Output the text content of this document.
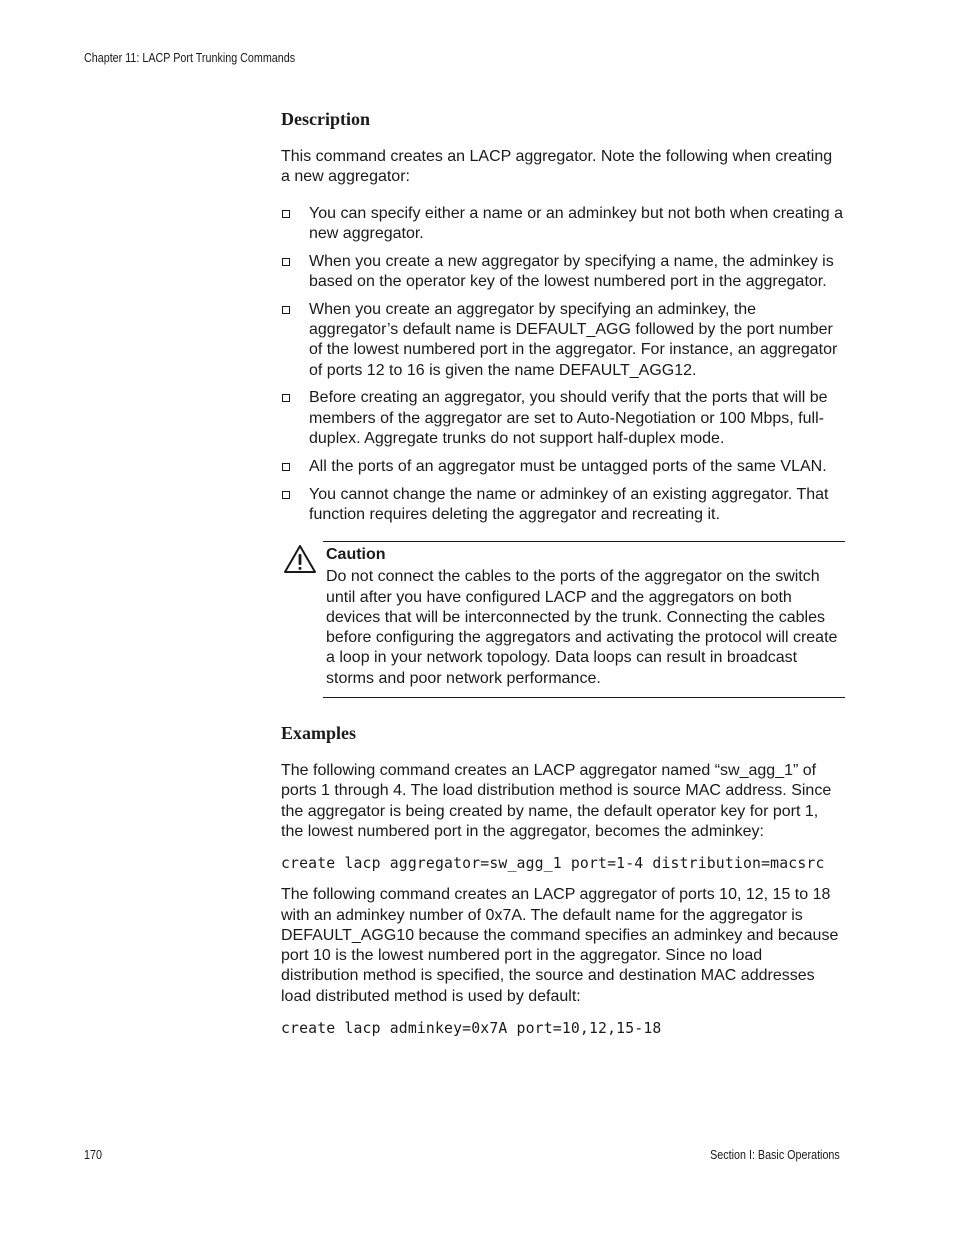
Chapter 11: LACP Port Trunking Commands
Description

This command creates an LACP aggregator. Note the following when creating a new aggregator:

You can specify either a name or an adminkey but not both when creating a new aggregator.
When you create a new aggregator by specifying a name, the adminkey is based on the operator key of the lowest numbered port in the aggregator.
When you create an aggregator by specifying an adminkey, the aggregator’s default name is DEFAULT_AGG followed by the port number of the lowest numbered port in the aggregator. For instance, an aggregator of ports 12 to 16 is given the name DEFAULT_AGG12.
Before creating an aggregator, you should verify that the ports that will be members of the aggregator are set to Auto-Negotiation or 100 Mbps, full-duplex. Aggregate trunks do not support half-duplex mode.
All the ports of an aggregator must be untagged ports of the same VLAN.
You cannot change the name or adminkey of an existing aggregator. That function requires deleting the aggregator and recreating it.

Caution

Do not connect the cables to the ports of the aggregator on the switch until after you have configured LACP and the aggregators on both devices that will be interconnected by the trunk. Connecting the cables before configuring the aggregators and activating the protocol will create a loop in your network topology. Data loops can result in broadcast storms and poor network performance.

Examples

The following command creates an LACP aggregator named “sw_agg_1” of ports 1 through 4. The load distribution method is source MAC address. Since the aggregator is being created by name, the default operator key for port 1, the lowest numbered port in the aggregator, becomes the adminkey:

create lacp aggregator=sw_agg_1 port=1-4 distribution=macsrc

The following command creates an LACP aggregator of ports 10, 12, 15 to 18 with an adminkey number of 0x7A. The default name for the aggregator is DEFAULT_AGG10 because the command specifies an adminkey and because port 10 is the lowest numbered port in the aggregator. Since no load distribution method is specified, the source and destination MAC addresses load distributed method is used by default:

create lacp adminkey=0x7A port=10,12,15-18

170	Section I: Basic Operations
